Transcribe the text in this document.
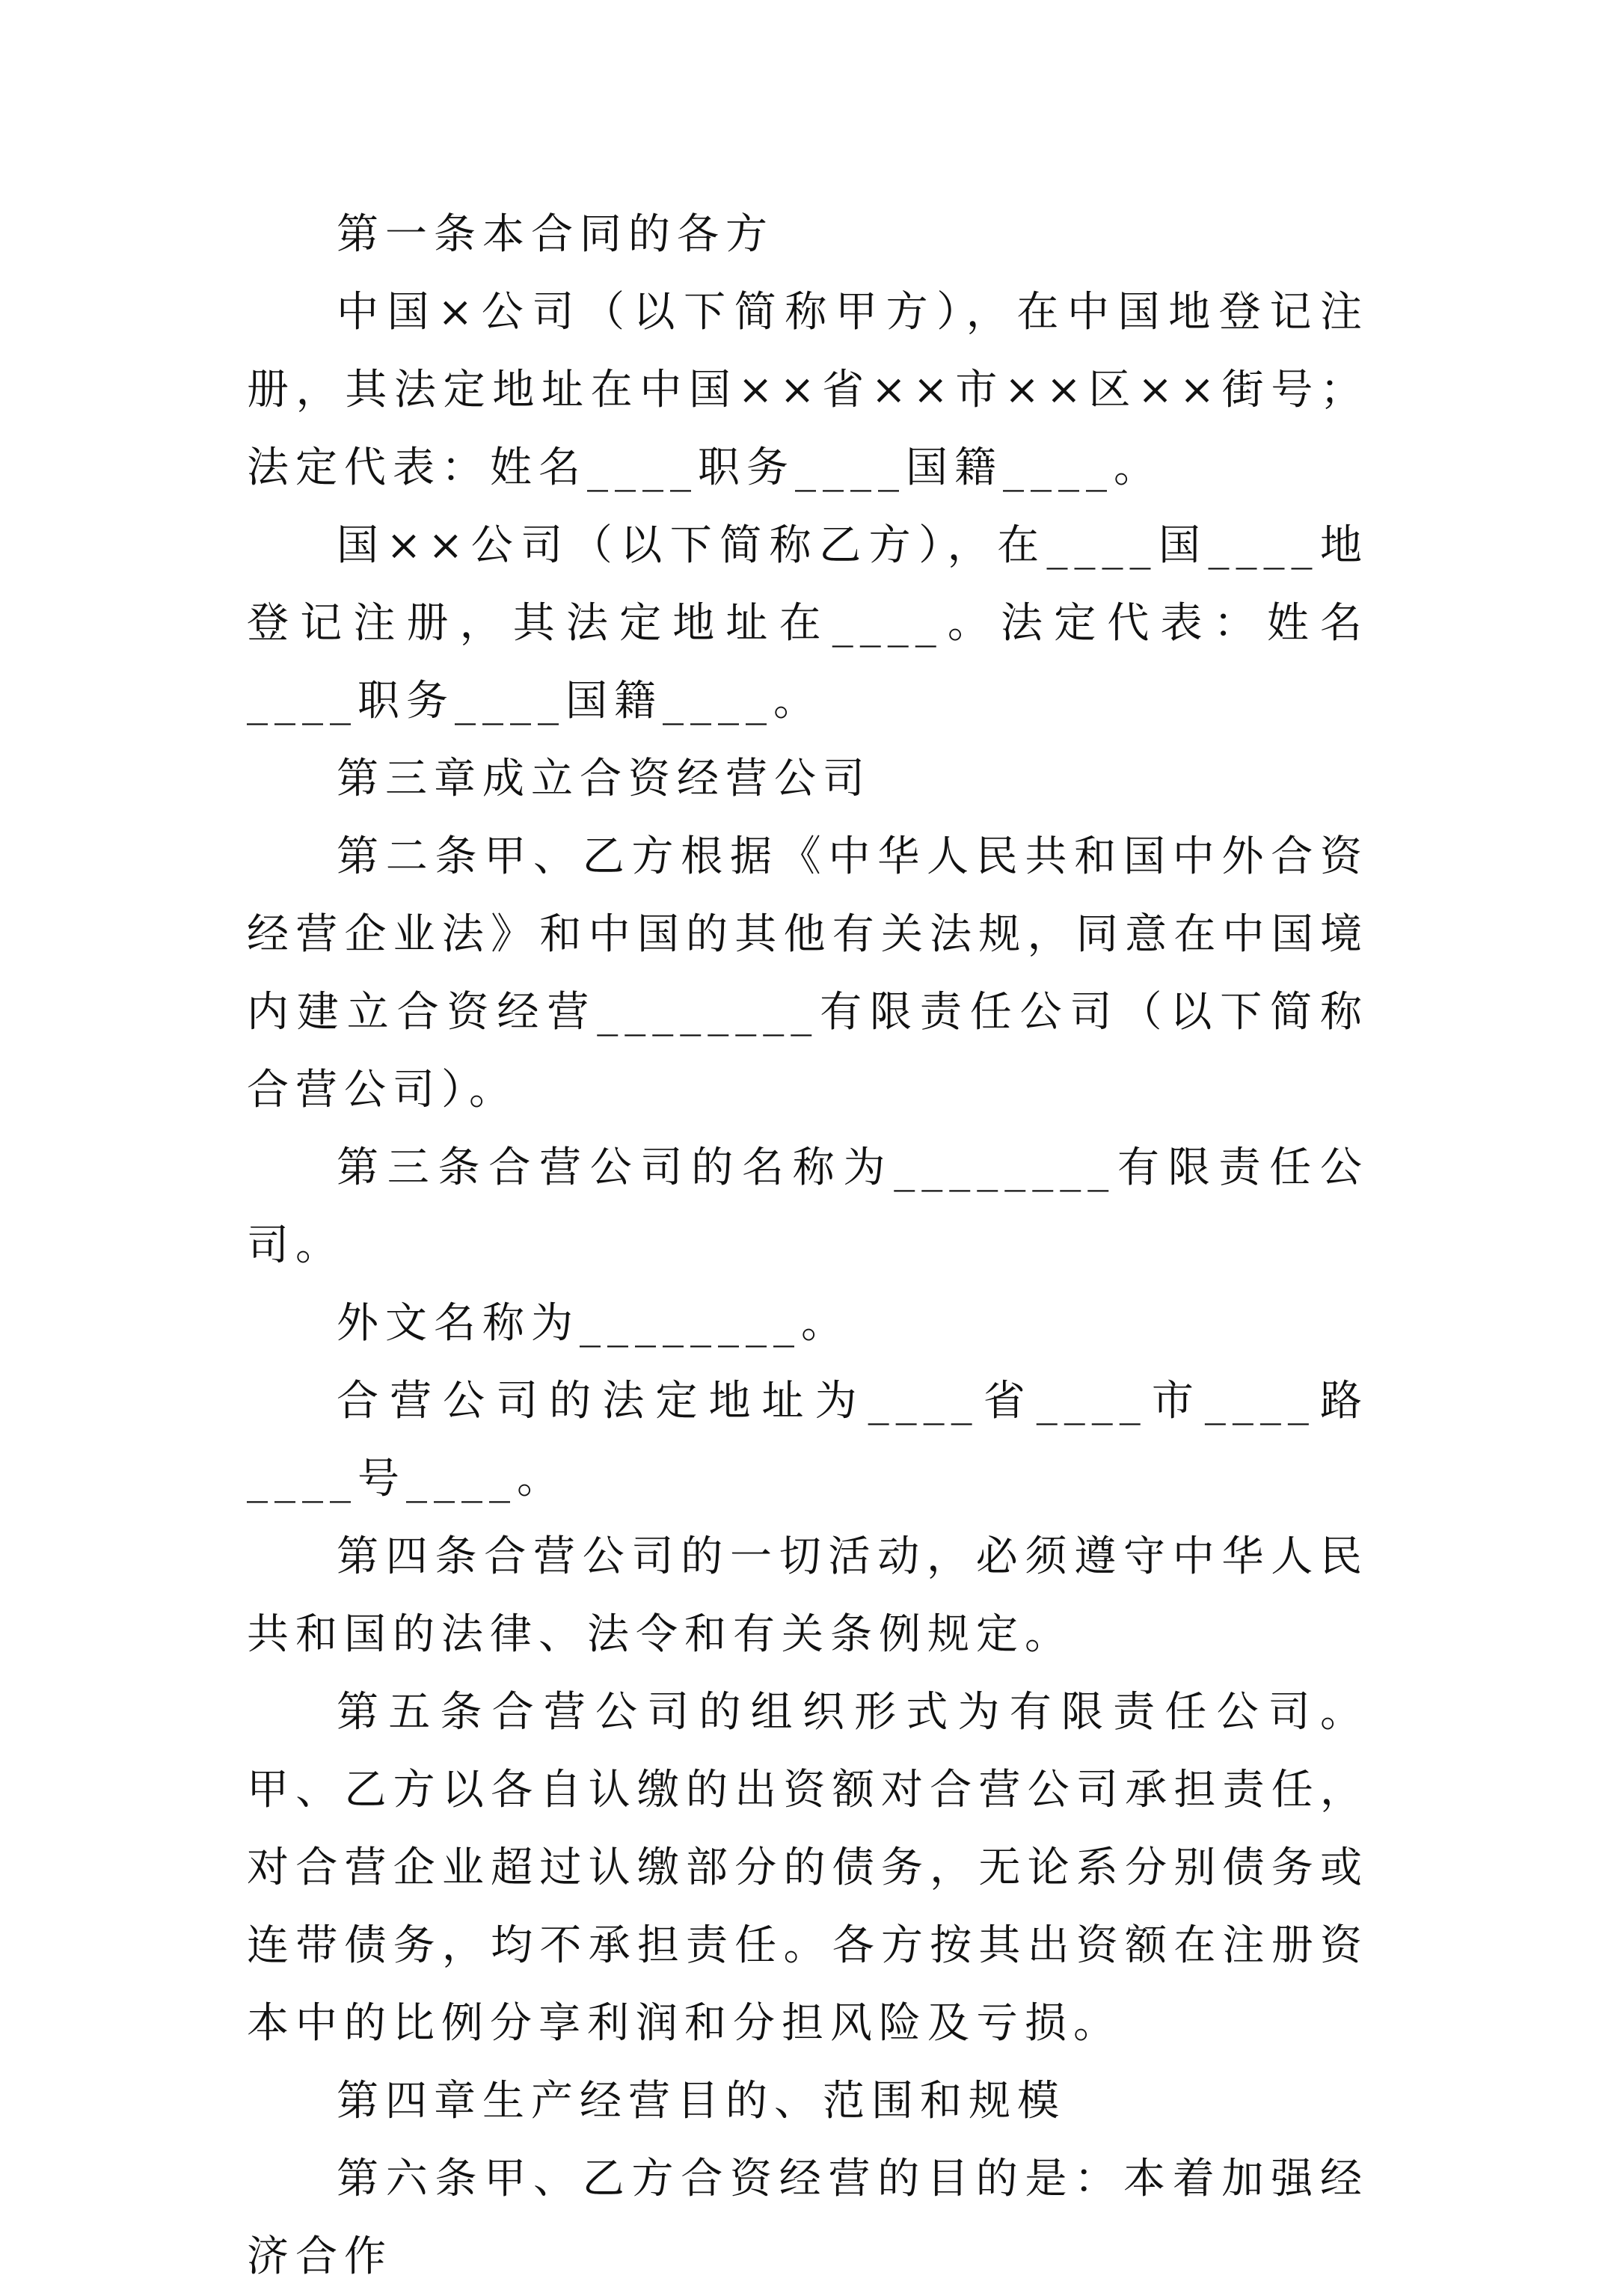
第一条本合同的各方

中国×公司（以下简称甲方），在中国地登记注册，其法定地址在中国××省××市××区××街号；法定代表：姓名____职务____国籍____。

国××公司（以下简称乙方），在____国____地登记注册，其法定地址在____。法定代表：姓名____职务____国籍____。

第三章成立合资经营公司

第二条甲、乙方根据《中华人民共和国中外合资经营企业法》和中国的其他有关法规，同意在中国境内建立合资经营________有限责任公司（以下简称合营公司）。

第三条合营公司的名称为________有限责任公司。

外文名称为________。

合营公司的法定地址为____省____市____路____号____。

第四条合营公司的一切活动，必须遵守中华人民共和国的法律、法令和有关条例规定。

第五条合营公司的组织形式为有限责任公司。甲、乙方以各自认缴的出资额对合营公司承担责任，对合营企业超过认缴部分的债务，无论系分别债务或连带债务，均不承担责任。各方按其出资额在注册资本中的比例分享利润和分担风险及亏损。

第四章生产经营目的、范围和规模

第六条甲、乙方合资经营的目的是：本着加强经济合作
